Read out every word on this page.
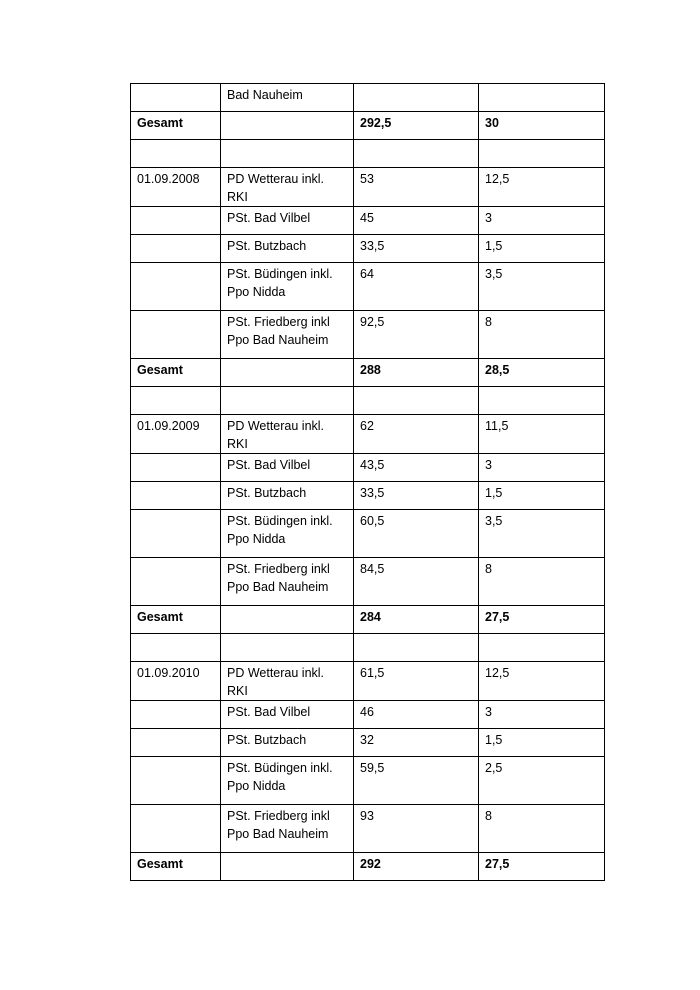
	Bad Nauheim		
Gesamt		292,5	30

01.09.2008	PD Wetterau inkl. RKI	53	12,5
	PSt. Bad Vilbel	45	3
	PSt. Butzbach	33,5	1,5
	PSt. Büdingen inkl. Ppo Nidda	64	3,5
	PSt. Friedberg inkl Ppo Bad Nauheim	92,5	8
Gesamt		288	28,5

01.09.2009	PD Wetterau inkl. RKI	62	11,5
	PSt. Bad Vilbel	43,5	3
	PSt. Butzbach	33,5	1,5
	PSt. Büdingen inkl. Ppo Nidda	60,5	3,5
	PSt. Friedberg inkl Ppo Bad Nauheim	84,5	8
Gesamt		284	27,5

01.09.2010	PD Wetterau inkl. RKI	61,5	12,5
	PSt. Bad Vilbel	46	3
	PSt. Butzbach	32	1,5
	PSt. Büdingen inkl. Ppo Nidda	59,5	2,5
	PSt. Friedberg inkl Ppo Bad Nauheim	93	8
Gesamt		292	27,5
